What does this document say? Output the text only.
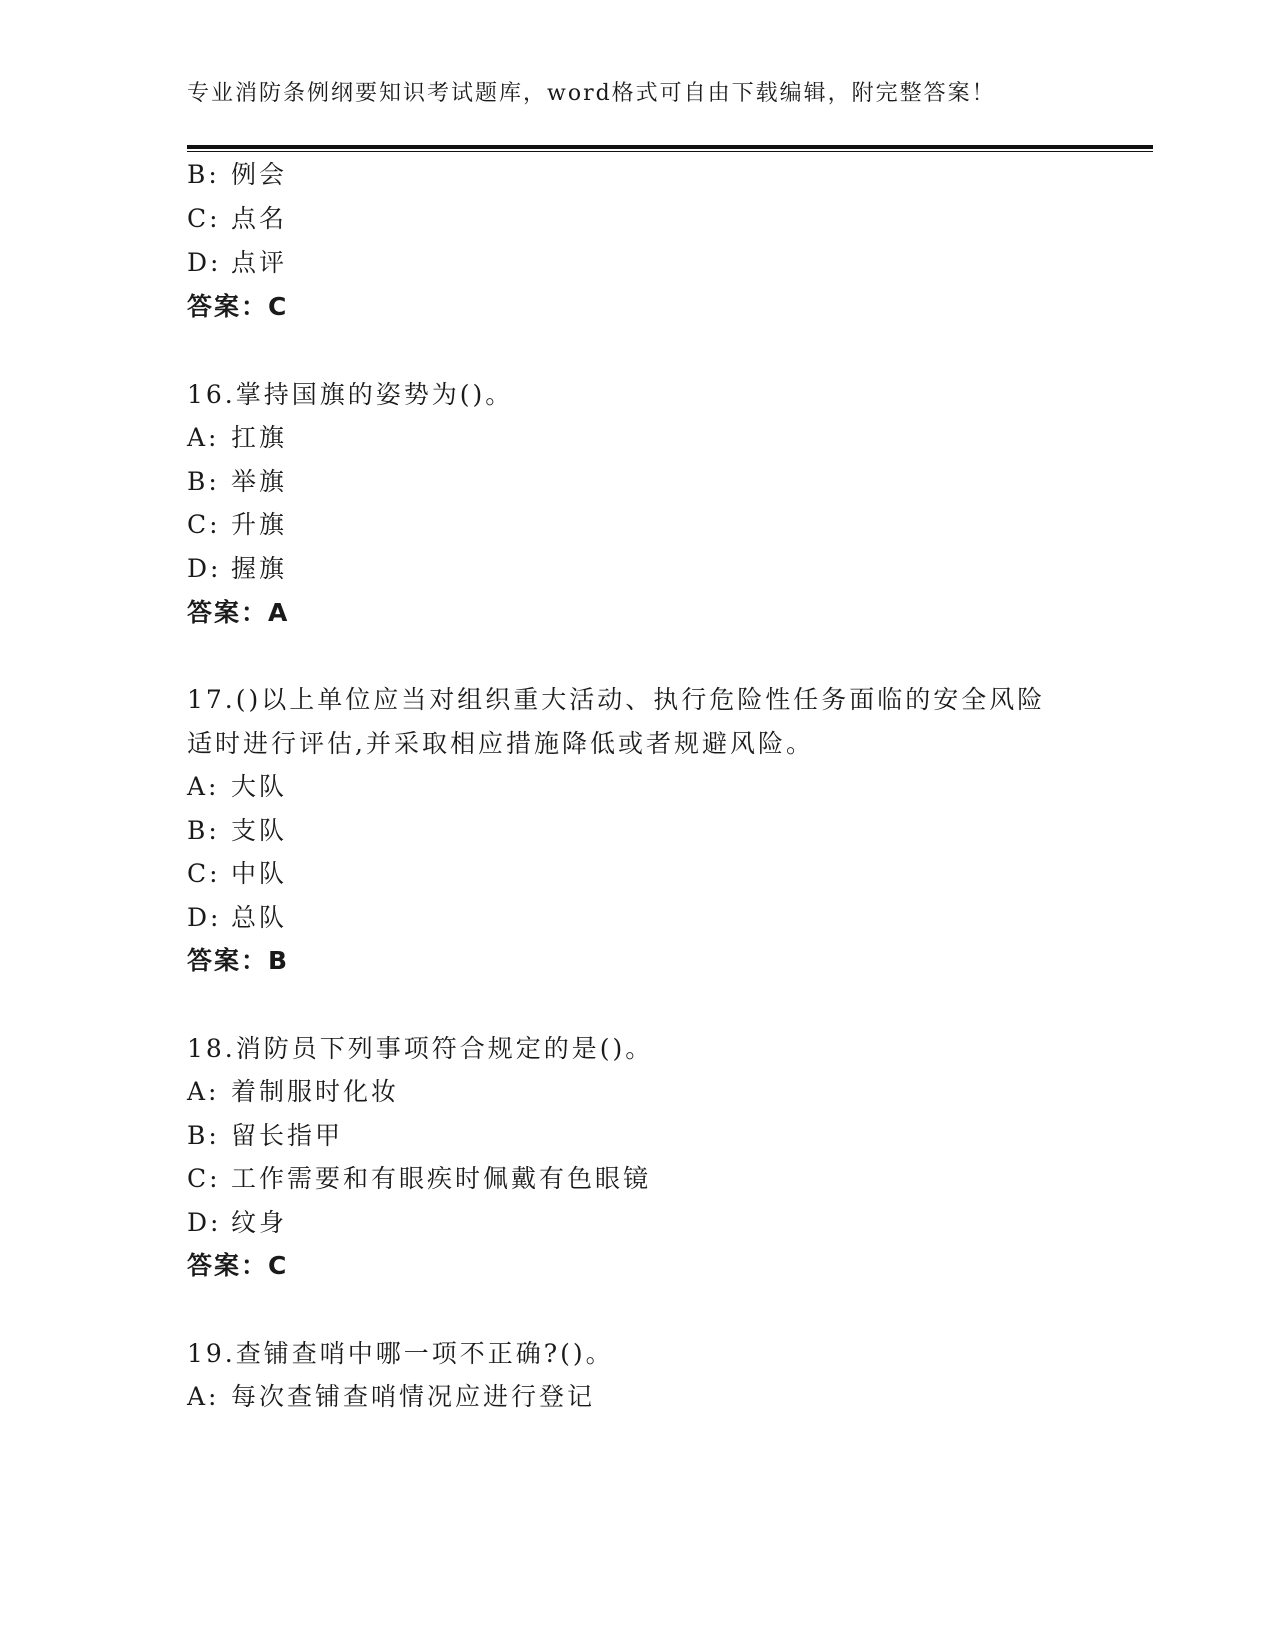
专业消防条例纲要知识考试题库，word格式可自由下载编辑，附完整答案！
B: 例会
C: 点名
D: 点评
答案：C
16.掌持国旗的姿势为()。
A: 扛旗
B: 举旗
C: 升旗
D: 握旗
答案：A
17.()以上单位应当对组织重大活动、执行危险性任务面临的安全风险
适时进行评估,并采取相应措施降低或者规避风险。
A: 大队
B: 支队
C: 中队
D: 总队
答案：B
18.消防员下列事项符合规定的是()。
A: 着制服时化妆
B: 留长指甲
C: 工作需要和有眼疾时佩戴有色眼镜
D: 纹身
答案：C
19.查铺查哨中哪一项不正确?()。
A: 每次查铺查哨情况应进行登记
